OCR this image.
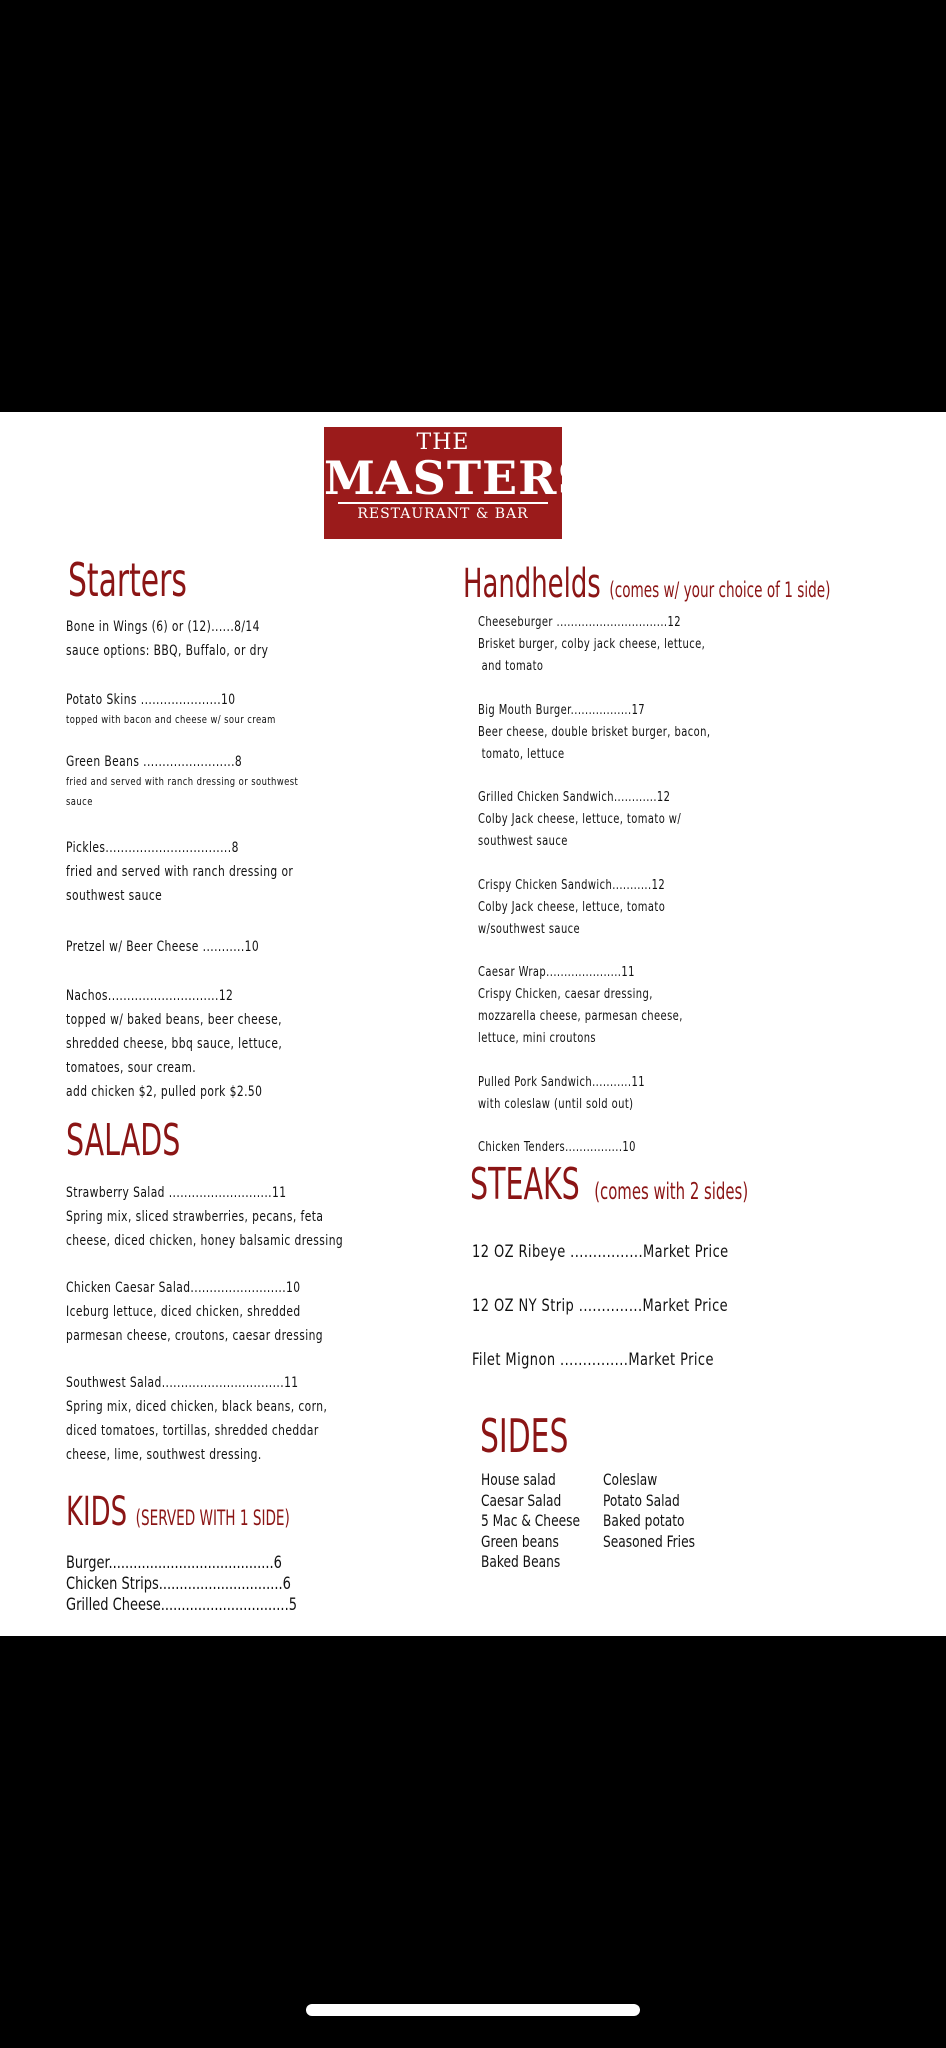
THE
MASTERS
RESTAURANT & BAR
Starters
Bone in Wings (6) or (12)......8/14
sauce options: BBQ, Buffalo, or dry
Potato Skins .....................10
topped with bacon and cheese w/ sour cream
Green Beans ........................8
fried and served with ranch dressing or southwest
sauce
Pickles.................................8
fried and served with ranch dressing or
southwest sauce
Pretzel w/ Beer Cheese ...........10
Nachos.............................12
topped w/ baked beans, beer cheese,
shredded cheese, bbq sauce, lettuce,
tomatoes, sour cream.
add chicken $2, pulled pork $2.50
SALADS
Strawberry Salad ...........................11
Spring mix, sliced strawberries, pecans, feta
cheese, diced chicken, honey balsamic dressing
Chicken Caesar Salad.........................10
Iceburg lettuce, diced chicken, shredded
parmesan cheese, croutons, caesar dressing
Southwest Salad................................11
Spring mix, diced chicken, black beans, corn,
diced tomatoes, tortillas, shredded cheddar
cheese, lime, southwest dressing.
KIDS (SERVED WITH 1 SIDE)
Burger........................................6
Chicken Strips..............................6
Grilled Cheese...............................5
Handhelds (comes w/ your choice of 1 side)
Cheeseburger ...............................12
Brisket burger, colby jack cheese, lettuce,
and tomato
Big Mouth Burger.................17
Beer cheese, double brisket burger, bacon,
tomato, lettuce
Grilled Chicken Sandwich............12
Colby Jack cheese, lettuce, tomato w/
southwest sauce
Crispy Chicken Sandwich...........12
Colby Jack cheese, lettuce, tomato
w/southwest sauce
Caesar Wrap.....................11
Crispy Chicken, caesar dressing,
mozzarella cheese, parmesan cheese,
lettuce, mini croutons
Pulled Pork Sandwich...........11
with coleslaw (until sold out)
Chicken Tenders................10
STEAKS (comes with 2 sides)
12 OZ Ribeye ................Market Price
12 OZ NY Strip ..............Market Price
Filet Mignon ...............Market Price
SIDES
House salad
Caesar Salad
5 Mac & Cheese
Green beans
Baked Beans
Coleslaw
Potato Salad
Baked potato
Seasoned Fries
